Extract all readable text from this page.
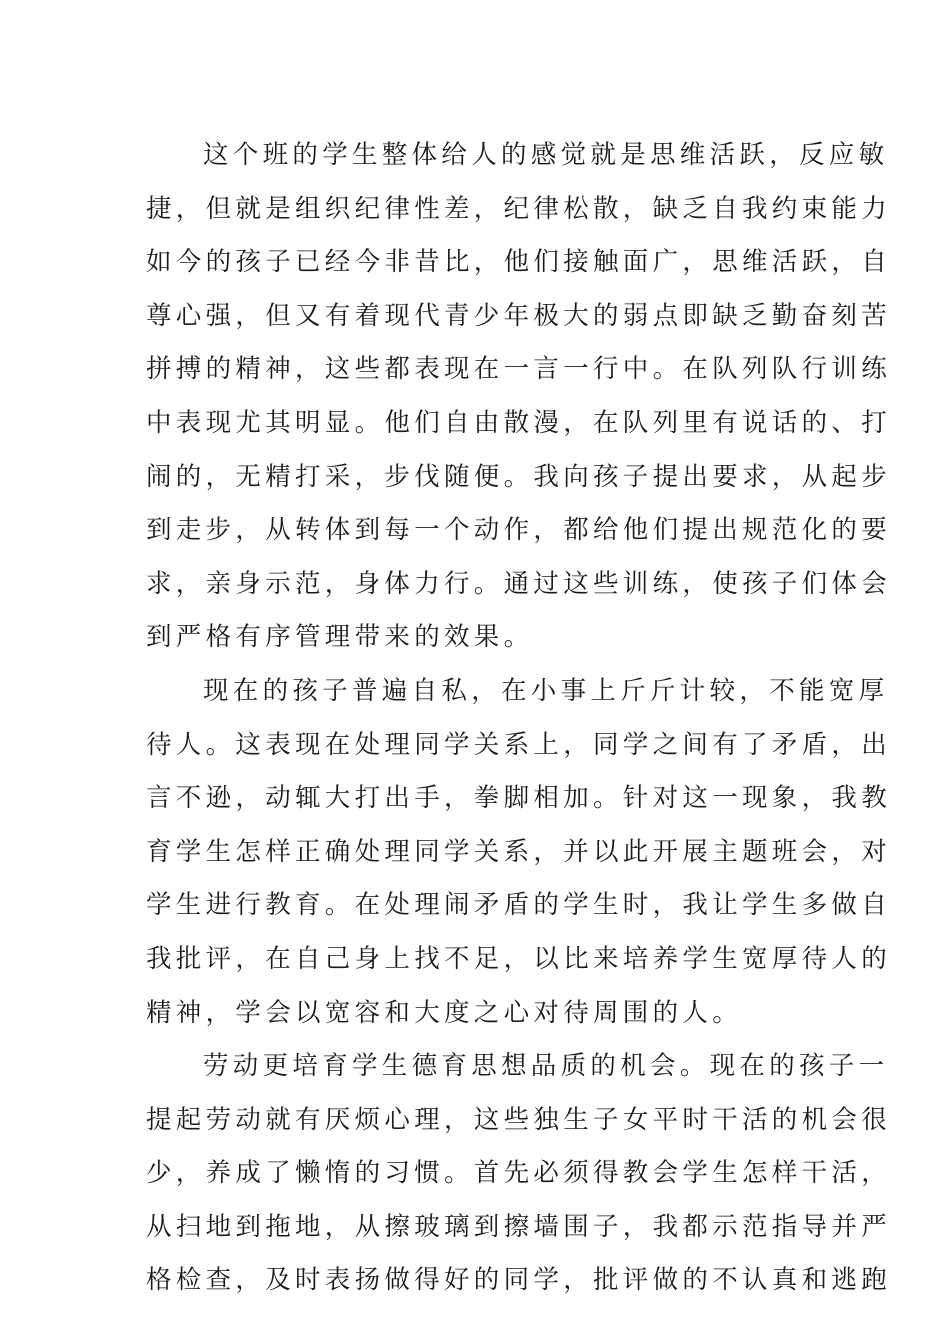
这个班的学生整体给人的感觉就是思维活跃，反应敏
捷，但就是组织纪律性差，纪律松散，缺乏自我约束能力
如今的孩子已经今非昔比，他们接触面广，思维活跃，自
尊心强，但又有着现代青少年极大的弱点即缺乏勤奋刻苦
拼搏的精神，这些都表现在一言一行中。在队列队行训练
中表现尤其明显。他们自由散漫，在队列里有说话的、打
闹的，无精打采，步伐随便。我向孩子提出要求，从起步
到走步，从转体到每一个动作，都给他们提出规范化的要
求，亲身示范，身体力行。通过这些训练，使孩子们体会
到严格有序管理带来的效果。
现在的孩子普遍自私，在小事上斤斤计较，不能宽厚
待人。这表现在处理同学关系上，同学之间有了矛盾，出
言不逊，动辄大打出手，拳脚相加。针对这一现象，我教
育学生怎样正确处理同学关系，并以此开展主题班会，对
学生进行教育。在处理闹矛盾的学生时，我让学生多做自
我批评，在自己身上找不足，以比来培养学生宽厚待人的
精神，学会以宽容和大度之心对待周围的人。
劳动更培育学生德育思想品质的机会。现在的孩子一
提起劳动就有厌烦心理，这些独生子女平时干活的机会很
少，养成了懒惰的习惯。首先必须得教会学生怎样干活，
从扫地到拖地，从擦玻璃到擦墙围子，我都示范指导并严
格检查，及时表扬做得好的同学，批评做的不认真和逃跑
